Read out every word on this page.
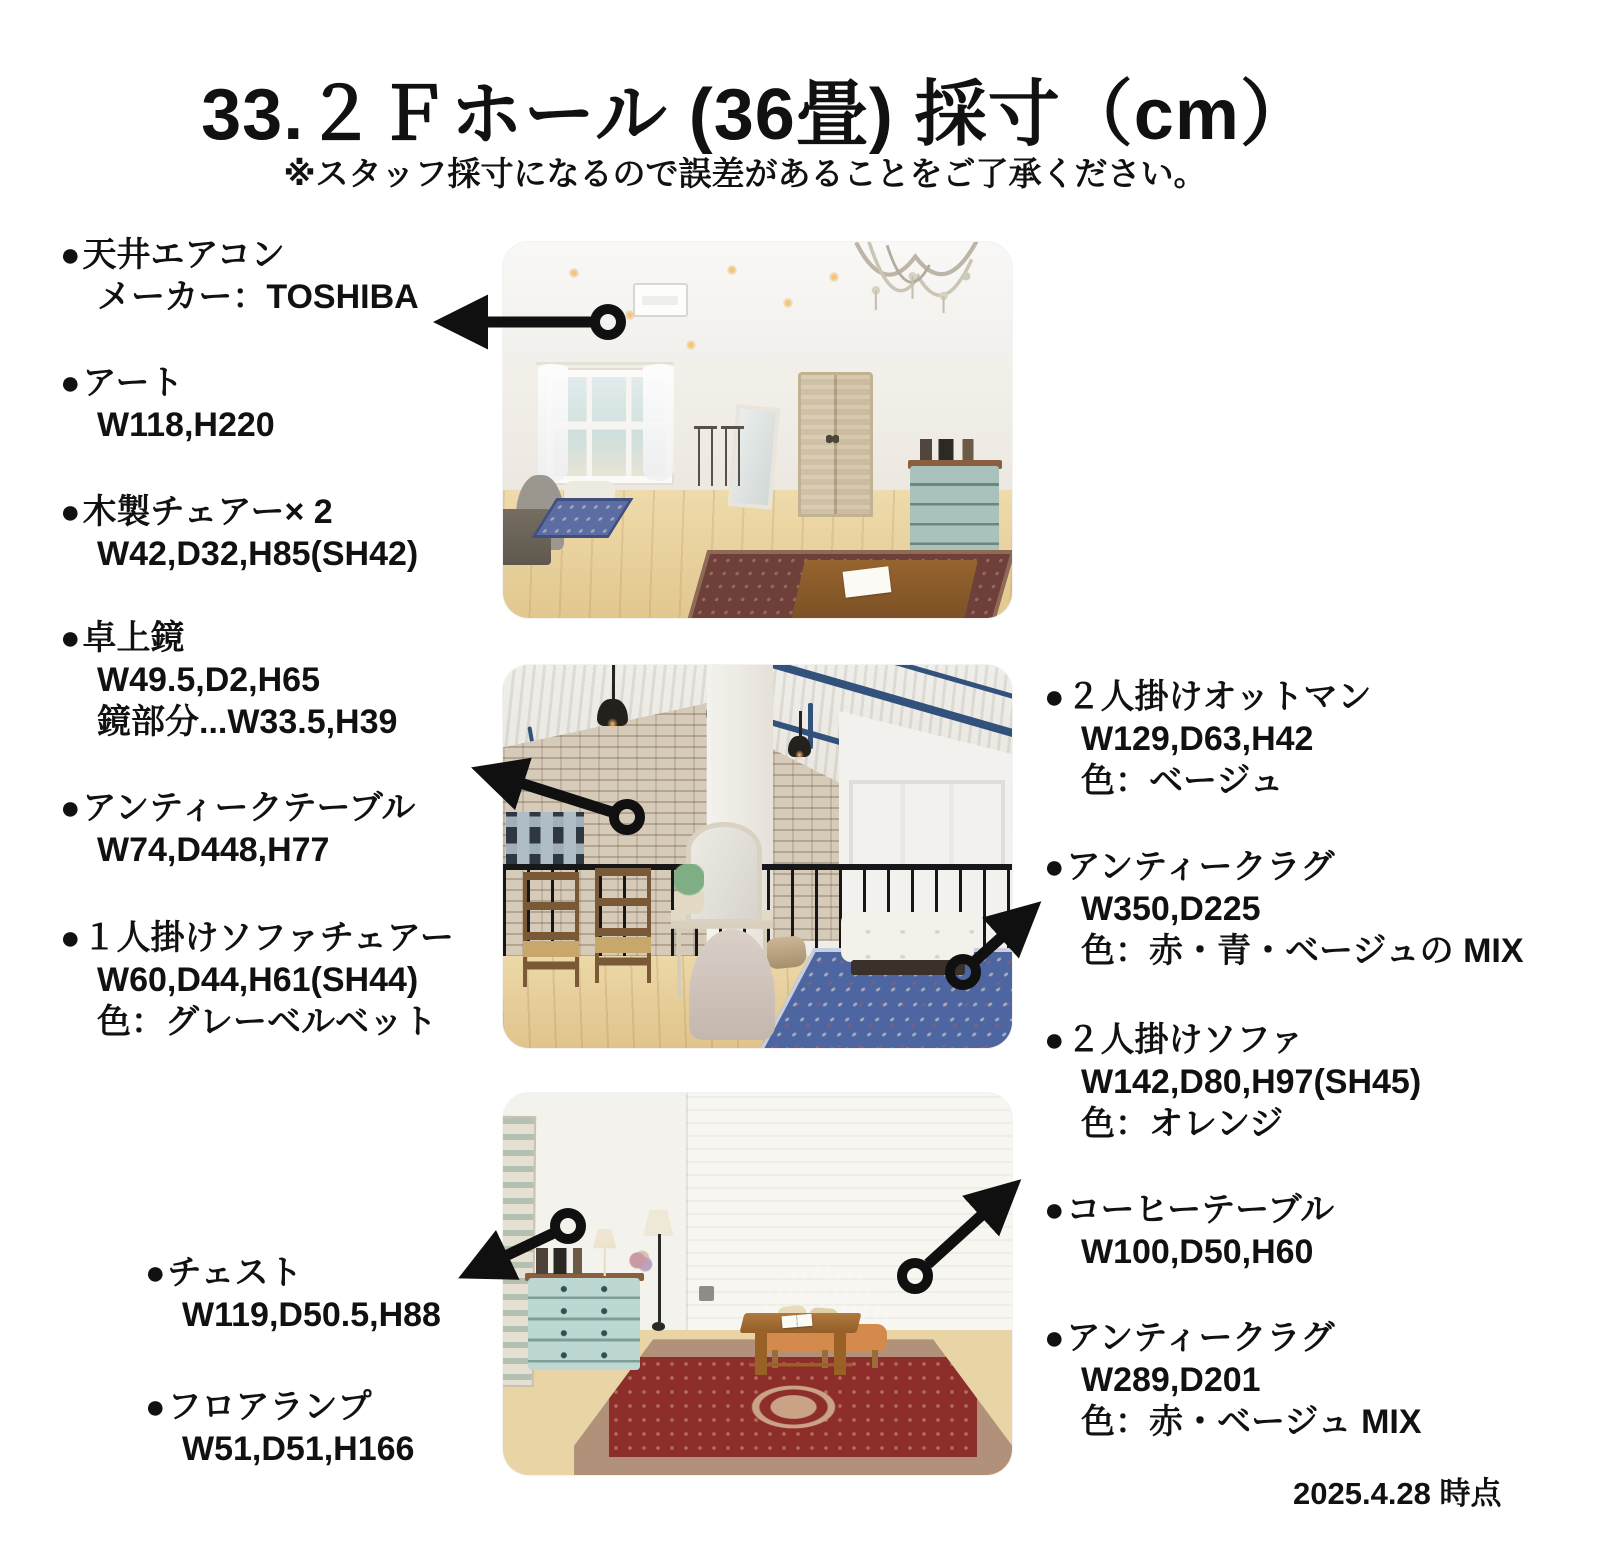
33.２Ｆホール (36畳) 採寸（cm）
※スタッフ採寸になるので誤差があることをご了承ください。
●天井エアコン
メーカー：TOSHIBA
●アート
W118,H220
●木製チェアー× 2
W42,D32,H85(SH42)
●卓上鏡
W49.5,D2,H65
鏡部分...W33.5,H39
●アンティークテーブル
W74,D448,H77
●１人掛けソファチェアー
W60,D44,H61(SH44)
色：グレーベルベット
●チェスト
W119,D50.5,H88
●フロアランプ
W51,D51,H166
●２人掛けオットマン
W129,D63,H42
色：ベージュ
●アンティークラグ
W350,D225
色：赤・青・ベージュの MIX
●２人掛けソファ
W142,D80,H97(SH45)
色：オレンジ
●コーヒーテーブル
W100,D50,H60
●アンティークラグ
W289,D201
色：赤・ベージュ MIX
2025.4.28 時点
